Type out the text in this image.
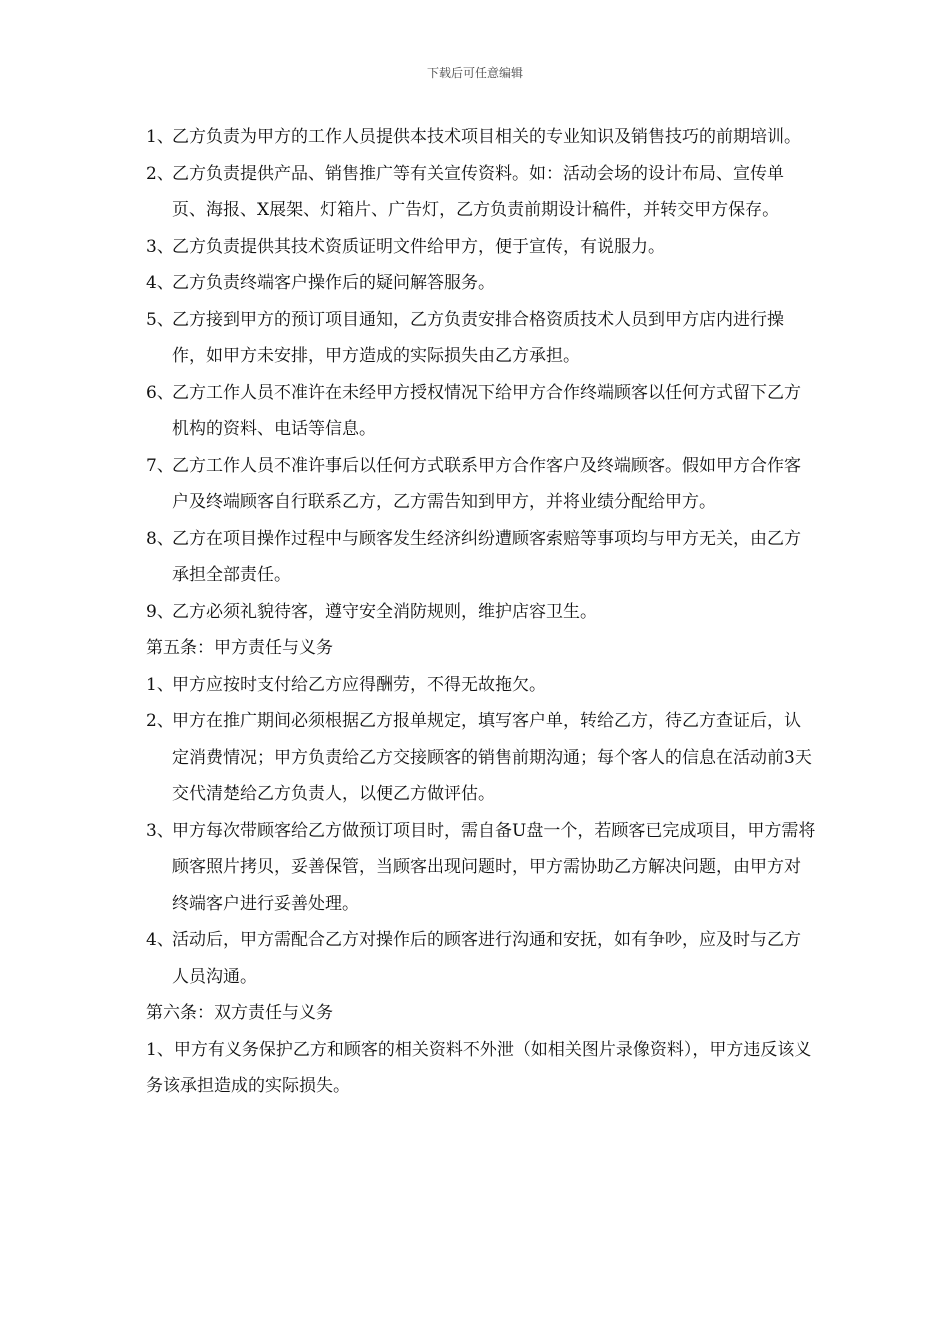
下载后可任意编辑
1、
乙方负责为甲方的工作人员提供本技术项目相关的专业知识及销售技巧的前期培训。
2、
乙方负责提供产品、销售推广等有关宣传资料。如：活动会场的设计布局、宣传单页、海报、X展架、灯箱片、广告灯，乙方负责前期设计稿件，并转交甲方保存。
3、
乙方负责提供其技术资质证明文件给甲方，便于宣传，有说服力。
4、
乙方负责终端客户操作后的疑问解答服务。
5、
乙方接到甲方的预订项目通知，乙方负责安排合格资质技术人员到甲方店内进行操作，如甲方未安排，甲方造成的实际损失由乙方承担。
6、
乙方工作人员不准许在未经甲方授权情况下给甲方合作终端顾客以任何方式留下乙方机构的资料、电话等信息。
7、
乙方工作人员不准许事后以任何方式联系甲方合作客户及终端顾客。假如甲方合作客户及终端顾客自行联系乙方，乙方需告知到甲方，并将业绩分配给甲方。
8、
乙方在项目操作过程中与顾客发生经济纠纷遭顾客索赔等事项均与甲方无关，由乙方承担全部责任。
9、
乙方必须礼貌待客，遵守安全消防规则，维护店容卫生。
第五条：甲方责任与义务
1、
甲方应按时支付给乙方应得酬劳，不得无故拖欠。
2、
甲方在推广期间必须根据乙方报单规定，填写客户单，转给乙方，待乙方查证后，认定消费情况；甲方负责给乙方交接顾客的销售前期沟通；每个客人的信息在活动前3天交代清楚给乙方负责人，以便乙方做评估。
3、
甲方每次带顾客给乙方做预订项目时，需自备U盘一个，若顾客已完成项目，甲方需将顾客照片拷贝，妥善保管，当顾客出现问题时，甲方需协助乙方解决问题，由甲方对终端客户进行妥善处理。
4、
活动后，甲方需配合乙方对操作后的顾客进行沟通和安抚，如有争吵，应及时与乙方人员沟通。
第六条：双方责任与义务
1、甲方有义务保护乙方和顾客的相关资料不外泄（如相关图片录像资料），甲方违反该义务该承担造成的实际损失。
